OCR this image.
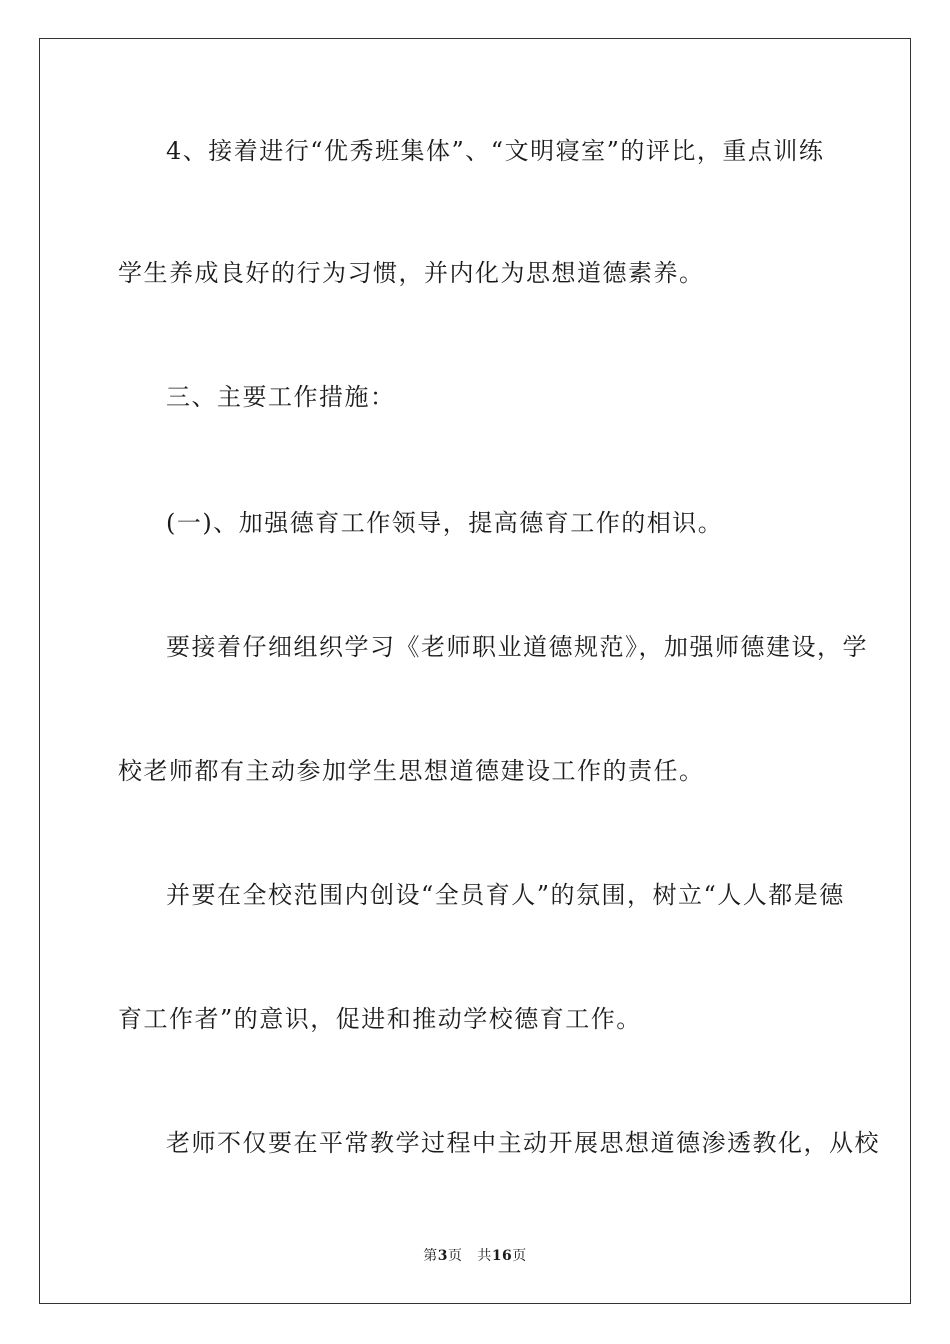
4、接着进行“优秀班集体”、“文明寝室”的评比，重点训练
学生养成良好的行为习惯，并内化为思想道德素养。
三、主要工作措施：
(一)、加强德育工作领导，提高德育工作的相识。
要接着仔细组织学习《老师职业道德规范》，加强师德建设，学
校老师都有主动参加学生思想道德建设工作的责任。
并要在全校范围内创设“全员育人”的氛围，树立“人人都是德
育工作者”的意识，促进和推动学校德育工作。
老师不仅要在平常教学过程中主动开展思想道德渗透教化，从校
第3页 共16页
